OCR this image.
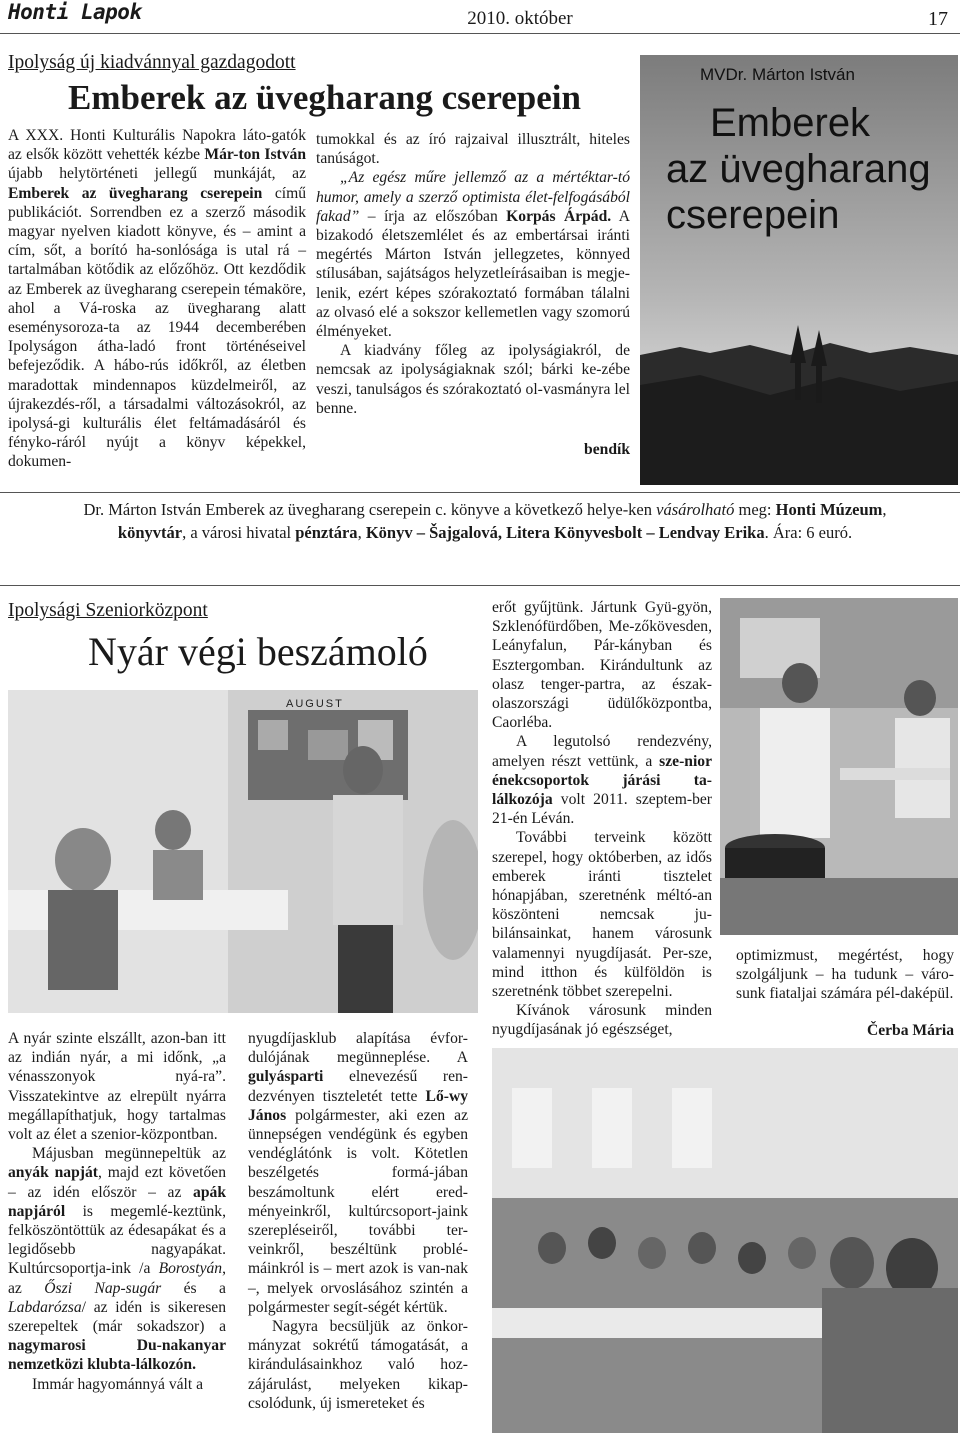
Honti Lapok	2010. október	17
Ipolyság új kiadvánnyal gazdagodott
Emberek az üvegharang cserepein

A XXX. Honti Kulturális Napokra láto-gatók az elsők között vehették kézbe Már-ton István újabb helytörténeti jellegű munkáját, az Emberek az üvegharang cserepein című publikációt. Sorrendben ez a szerző második magyar nyelven kiadott könyve, és – amint a cím, sőt, a borító ha-sonlósága is utal rá – tartalmában kötődik az előzőhöz. Ott kezdődik az Emberek az üvegharang cserepein témaköre, ahol a Vá-roska az üvegharang alatt eseménysoroza-ta az 1944 decemberében Ipolyságon átha-ladó front történéseivel befejeződik. A hábo-rús időkről, az életben maradottak mindennapos küzdelmeiről, az újrakezdés-ről, a társadalmi változásokról, az ipolysá-gi kulturális élet feltámadásáról és fényko-ráról nyújt a könyv képekkel, dokumen-

tumokkal és az író rajzaival illusztrált, hiteles tanúságot.

„Az egész műre jellemző az a mértéktar-tó humor, amely a szerző optimista élet-felfogásából fakad” – írja az előszóban Korpás Árpád. A bizakodó életszemlélet és az embertársai iránti megértés Márton István jellegzetes, könnyed stílusában, sajátságos helyzetleírásaiban is megje-lenik, ezért képes szórakoztató formában tálalni az olvasó elé a sokszor kellemetlen vagy szomorú élményeket.

A kiadvány főleg az ipolyságiakról, de nemcsak az ipolyságiaknak szól; bárki ke-zébe veszi, tanulságos és szórakoztató ol-vasmányra lel benne.

bendík
MVDr. Márton István
Emberek
az üvegharang
cserepein
Dr. Márton István Emberek az üvegharang cserepein c. könyve a következő helye-ken vásárolható meg: Honti Múzeum, könyvtár, a városi hivatal pénztára, Könyv – Šajgalová, Litera Könyvesbolt – Lendvay Erika. Ára: 6 euró.
Ipolysági Szeniorközpont
Nyár végi beszámoló
AUGUST

A nyár szinte elszállt, azon-ban itt az indián nyár, a mi időnk, „a vénasszonyok nyá-ra”. Visszatekintve az elrepült nyárra megállapíthatjuk, hogy tartalmas volt az élet a szenior-központban.

Májusban megünnepeltük az anyák napját, majd ezt követően – az idén először – az apák napjáról is megemlé-keztünk, felköszöntöttük az édesapákat és a legidősebb nagyapákat. Kultúrcsoportja-ink /a Borostyán, az Őszi Nap-sugár és a Labdarózsa/ az idén is sikeresen szerepeltek (már sokadszor) a nagymarosi Du-nakanyar nemzetközi klubta-lálkozón.

Immár hagyománnyá vált a

nyugdíjasklub alapítása évfor-dulójának megünneplése. A gulyásparti elnevezésű ren-dezvényen tiszteletét tette Lő-wy János polgármester, aki ezen az ünnepségen vendégünk és egyben vendéglátónk is volt. Kötetlen beszélgetés formá-jában beszámoltunk elért ered-ményeinkről, kultúrcsoport-jaink szerepléseiről, további ter-veinkről, beszéltünk problé-máinkról is – mert azok is van-nak –, melyek orvoslásához szintén a polgármester segít-ségét kértük.

Nagyra becsüljük az önkor-mányzat sokrétű támogatását, a kirándulásainkhoz való hoz-zájárulást, melyeken kikap-csolódunk, új ismereteket és

erőt gyűjtünk. Jártunk Gyü-gyön, Szklenófürdőben, Me-zőkövesden, Leányfalun, Pár-kányban és Esztergomban. Kirándultunk az olasz tenger-partra, az észak-olaszországi üdülőközpontba, Caorléba.

A legutolsó rendezvény, amelyen részt vettünk, a sze-nior énekcsoportok járási ta-lálkozója volt 2011. szeptem-ber 21-én Léván.

További terveink között szerepel, hogy októberben, az idős emberek iránti tisztelet hónapjában, szeretnénk méltó-an köszönteni nemcsak ju-bilánsainkat, hanem városunk valamennyi nyugdíjasát. Per-sze, mind itthon és külföldön is szeretnénk többet szerepelni.

Kívánok városunk minden nyugdíjasának jó egészséget,

optimizmust, megértést, hogy szolgáljunk – ha tudunk – váro-sunk fiataljai számára pél-daképül.

Čerba Mária
